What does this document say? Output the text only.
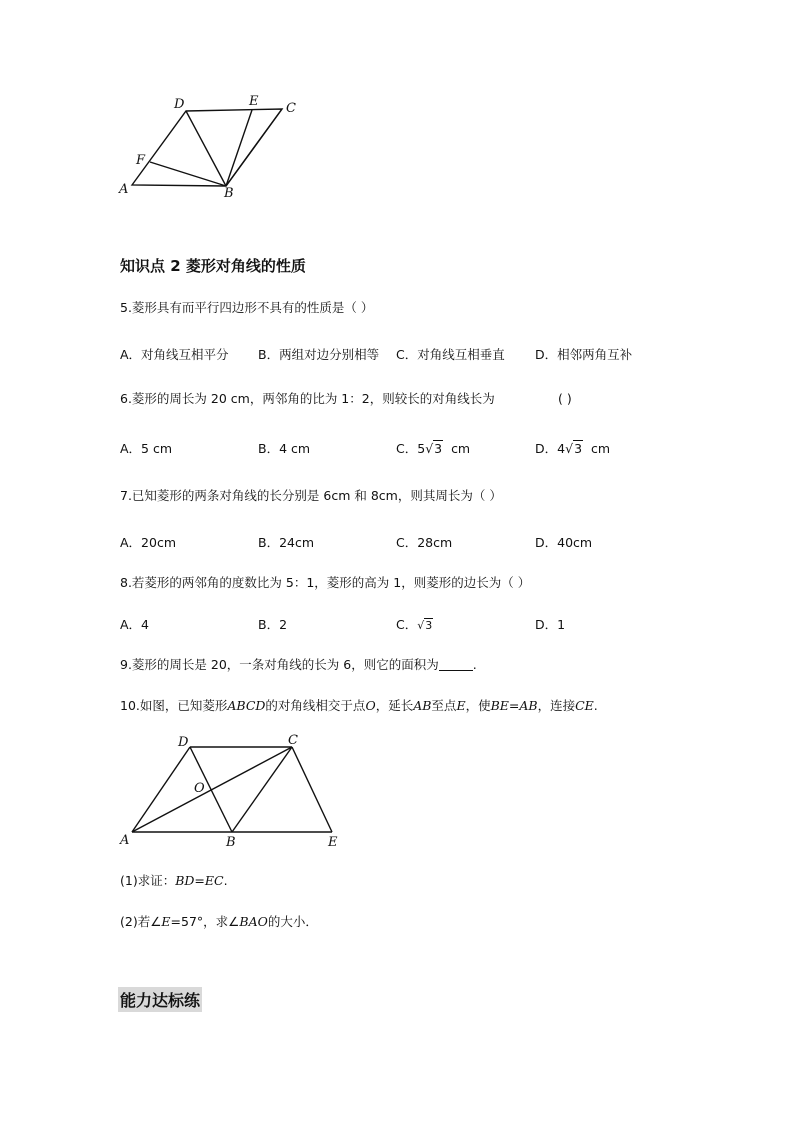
D	E C
F
A	B
知识点 2 菱形对角线的性质
5.菱形具有而平行四边形不具有的性质是（ ）
A．对角线互相平分 B．两组对边分别相等 C．对角线互相垂直 D．相邻两角互补
6.菱形的周长为 20 cm，两邻角的比为 1：2，则较长的对角线长为	( )
A．5 cm	B．4 cm	C．5√3 cm	D．4√3 cm
7.已知菱形的两条对角线的长分别是 6cm 和 8cm，则其周长为（ ）
A．20cm	B．24cm	C．28cm	D．40cm
8.若菱形的两邻角的度数比为 5：1，菱形的高为 1，则菱形的边长为（ ）
A．4	B．2	C．√3	D．1
9.菱形的周长是 20，一条对角线的长为 6，则它的面积为	.
10.如图，已知菱形ABCD的对角线相交于点O，延长AB至点E，使BE=AB，连接CE.
D	C
O
A	B	E
(1)求证：BD=EC.
(2)若∠E=57°，求∠BAO的大小．
能力达标练
